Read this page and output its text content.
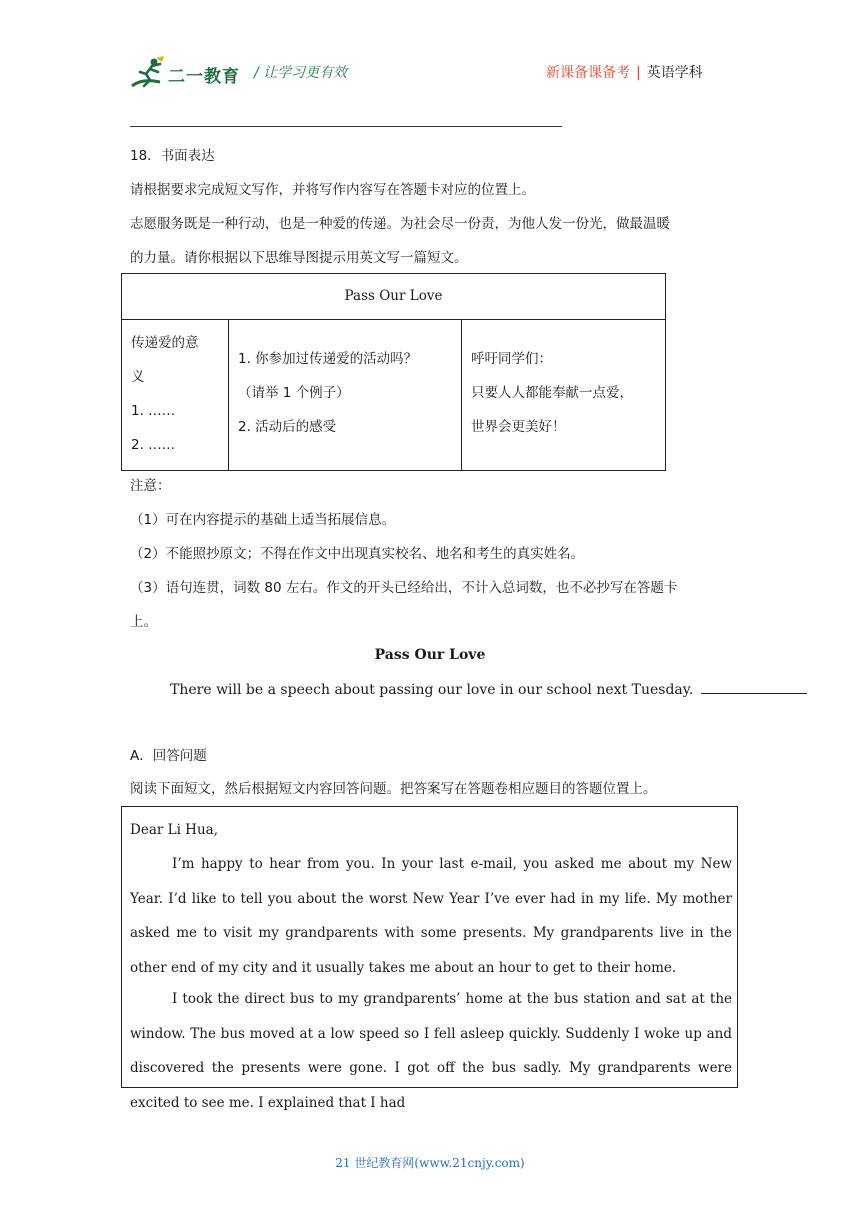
二一教育 / 让学习更有效	新课备课备考 | 英语学科
18．书面表达
请根据要求完成短文写作，并将写作内容写在答题卡对应的位置上。
志愿服务既是一种行动，也是一种爱的传递。为社会尽一份责，为他人发一份光，做最温暖
的力量。请你根据以下思维导图提示用英文写一篇短文。
Pass Our Love

传递爱的意
义
1. ……
2. ……

1. 你参加过传递爱的活动吗？
（请举 1 个例子）
2. 活动后的感受

呼吁同学们：
只要人人都能奉献一点爱，
世界会更美好！
注意：
（1）可在内容提示的基础上适当拓展信息。
（2）不能照抄原文；不得在作文中出现真实校名、地名和考生的真实姓名。
（3）语句连贯，词数 80 左右。作文的开头已经给出，不计入总词数，也不必抄写在答题卡
上。
Pass Our Love
There will be a speech about passing our love in our school next Tuesday.
A．回答问题
阅读下面短文，然后根据短文内容回答问题。把答案写在答题卷相应题目的答题位置上。
Dear Li Hua,
I’m happy to hear from you. In your last e-mail, you asked me about my New Year. I’d like to tell you about the worst New Year I’ve ever had in my life. My mother asked me to visit my grandparents with some presents. My grandparents live in the other end of my city and it usually takes me about an hour to get to their home.
I took the direct bus to my grandparents’ home at the bus station and sat at the window. The bus moved at a low speed so I fell asleep quickly. Suddenly I woke up and discovered the presents were gone. I got off the bus sadly. My grandparents were excited to see me. I explained that I had
21 世纪教育网(www.21cnjy.com)
